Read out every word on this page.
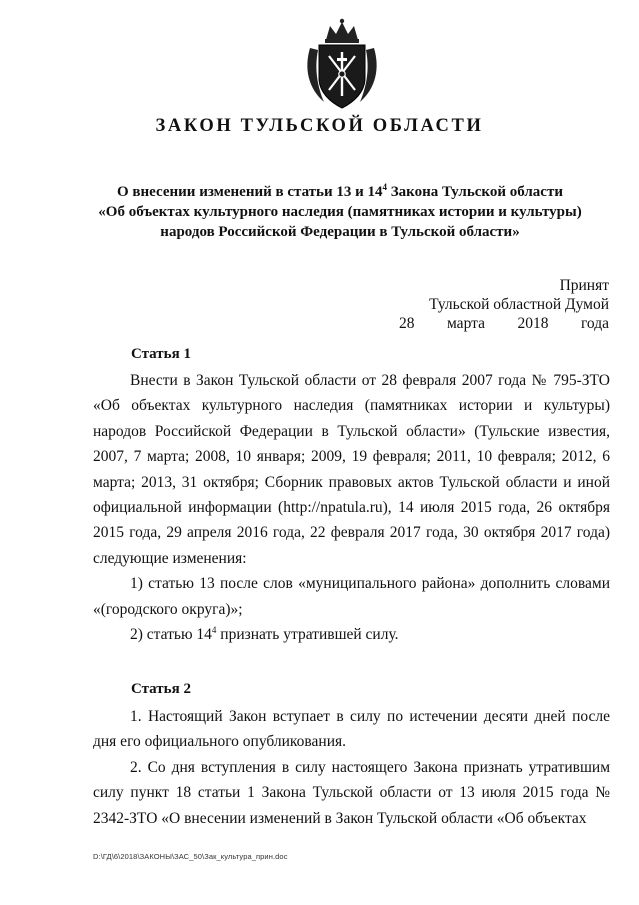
ЗАКОН ТУЛЬСКОЙ ОБЛАСТИ
О внесении изменений в статьи 13 и $14^4$ Закона Тульской области
«Об объектах культурного наследия (памятниках истории и культуры)
народов Российской Федерации в Тульской области»
Принят
Тульской областной Думой
28 марта 2018 года
Статья 1

Внести в Закон Тульской области от 28 февраля 2007 года № 795-ЗТО «Об объектах культурного наследия (памятниках истории и культуры) народов Российской Федерации в Тульской области» (Тульские известия, 2007, 7 марта; 2008, 10 января; 2009, 19 февраля; 2011, 10 февраля; 2012, 6 марта; 2013, 31 октября; Сборник правовых актов Тульской области и иной официальной информации (http://npatula.ru), 14 июля 2015 года, 26 октября 2015 года, 29 апреля 2016 года, 22 февраля 2017 года, 30 октября 2017 года) следующие изменения:

1) статью 13 после слов «муниципального района» дополнить словами «(городского округа)»;

2) статью $14^4$ признать утратившей силу.

Статья 2

1. Настоящий Закон вступает в силу по истечении десяти дней после дня его официального опубликования.

2. Со дня вступления в силу настоящего Закона признать утратившим силу пункт 18 статьи 1 Закона Тульской области от 13 июля 2015 года № 2342-ЗТО «О внесении изменений в Закон Тульской области «Об объектах

D:\ГД\6\2018\ЗАКОНЫ\ЗАС_50\Зак_культура_прин.doc
